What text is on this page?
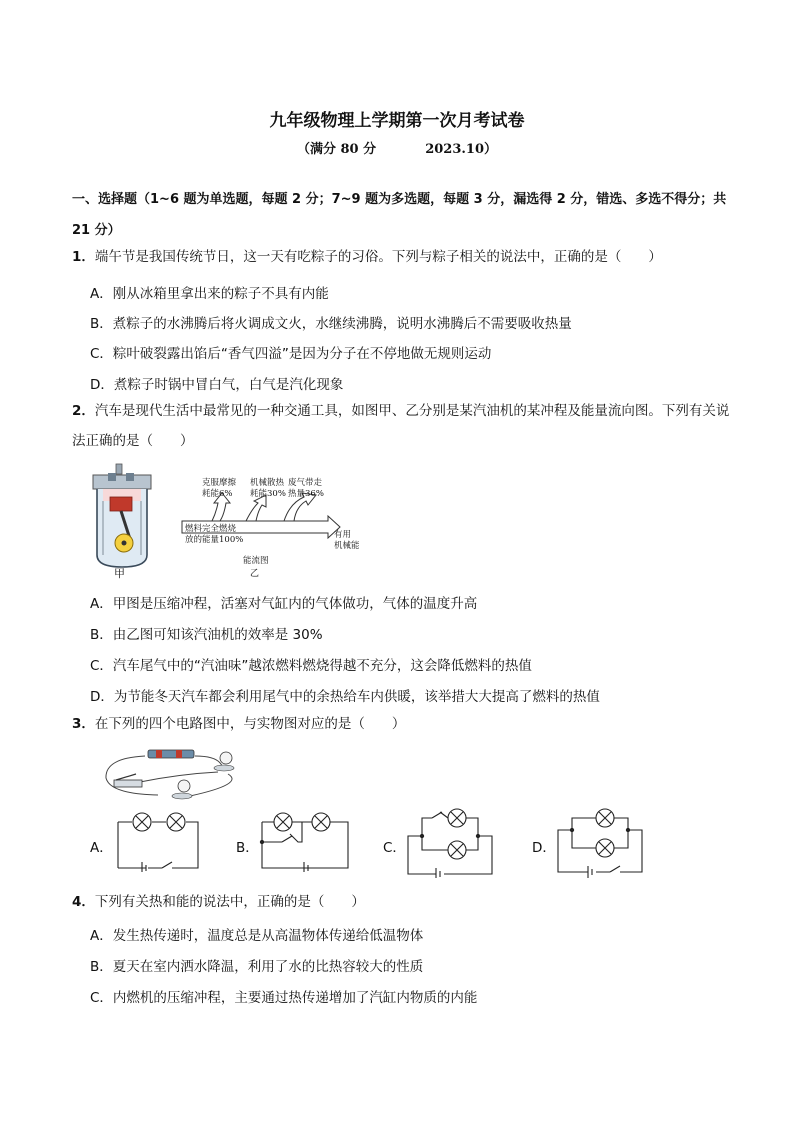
九年级物理上学期第一次月考试卷
（满分 80 分	2023.10）
一、选择题（1~6 题为单选题，每题 2 分；7~9 题为多选题，每题 3 分，漏选得 2 分，错选、多选不得分；共 21 分）
1．端午节是我国传统节日，这一天有吃粽子的习俗。下列与粽子相关的说法中，正确的是（　　）
A．刚从冰箱里拿出来的粽子不具有内能
B．煮粽子的水沸腾后将火调成文火，水继续沸腾，说明水沸腾后不需要吸收热量
C．粽叶破裂露出馅后“香气四溢”是因为分子在不停地做无规则运动
D．煮粽子时锅中冒白气，白气是汽化现象
2．汽车是现代生活中最常见的一种交通工具，如图甲、乙分别是某汽油机的某冲程及能量流向图。下列有关说法正确的是（　　）
甲
克服摩擦
耗能6%
机械散热
耗能30%
废气带走
热量36%
燃料完全燃烧
放的能量100%	有用
机械能
能流图
乙
A．甲图是压缩冲程，活塞对气缸内的气体做功，气体的温度升高
B．由乙图可知该汽油机的效率是 30%
C．汽车尾气中的“汽油味”越浓燃料燃烧得越不充分，这会降低燃料的热值
D．为节能冬天汽车都会利用尾气中的余热给车内供暖，该举措大大提高了燃料的热值
3．在下列的四个电路图中，与实物图对应的是（　　）
A．	B．	C．	D．
4．下列有关热和能的说法中，正确的是（　　）
A．发生热传递时，温度总是从高温物体传递给低温物体
B．夏天在室内洒水降温，利用了水的比热容较大的性质
C．内燃机的压缩冲程，主要通过热传递增加了汽缸内物质的内能
